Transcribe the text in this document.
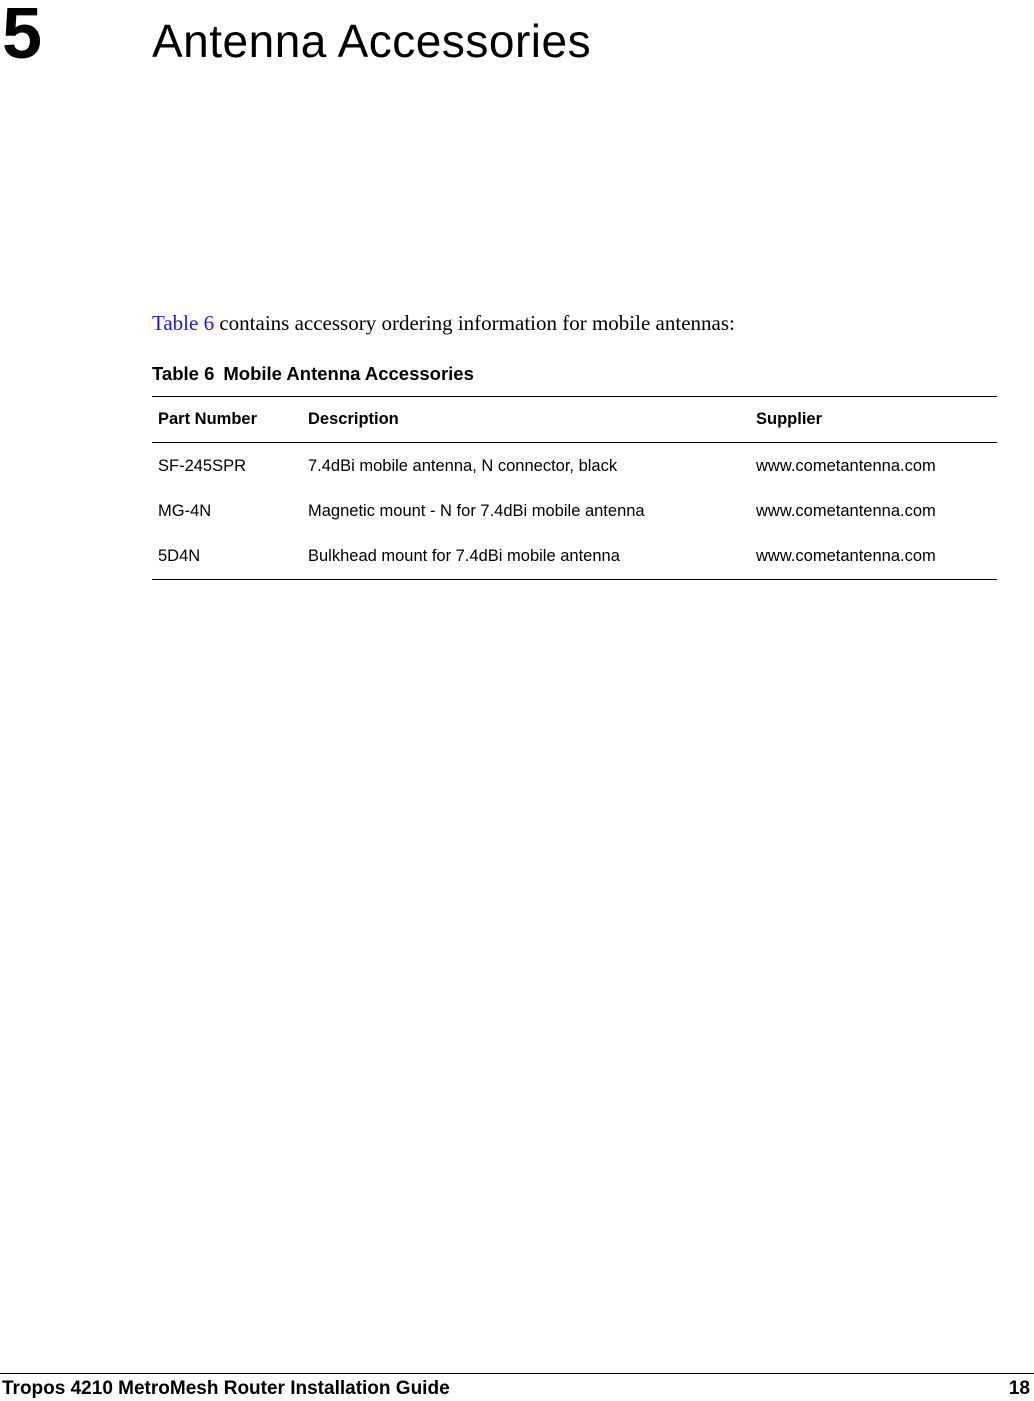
5 Antenna Accessories

Table 6 contains accessory ordering information for mobile antennas:

Table 6 Mobile Antenna Accessories
Part Number	Description	Supplier
SF-245SPR	7.4dBi mobile antenna, N connector, black	www.cometantenna.com
MG-4N	Magnetic mount - N for 7.4dBi mobile antenna	www.cometantenna.com
5D4N	Bulkhead mount for 7.4dBi mobile antenna	www.cometantenna.com
Tropos 4210 MetroMesh Router Installation Guide	18
